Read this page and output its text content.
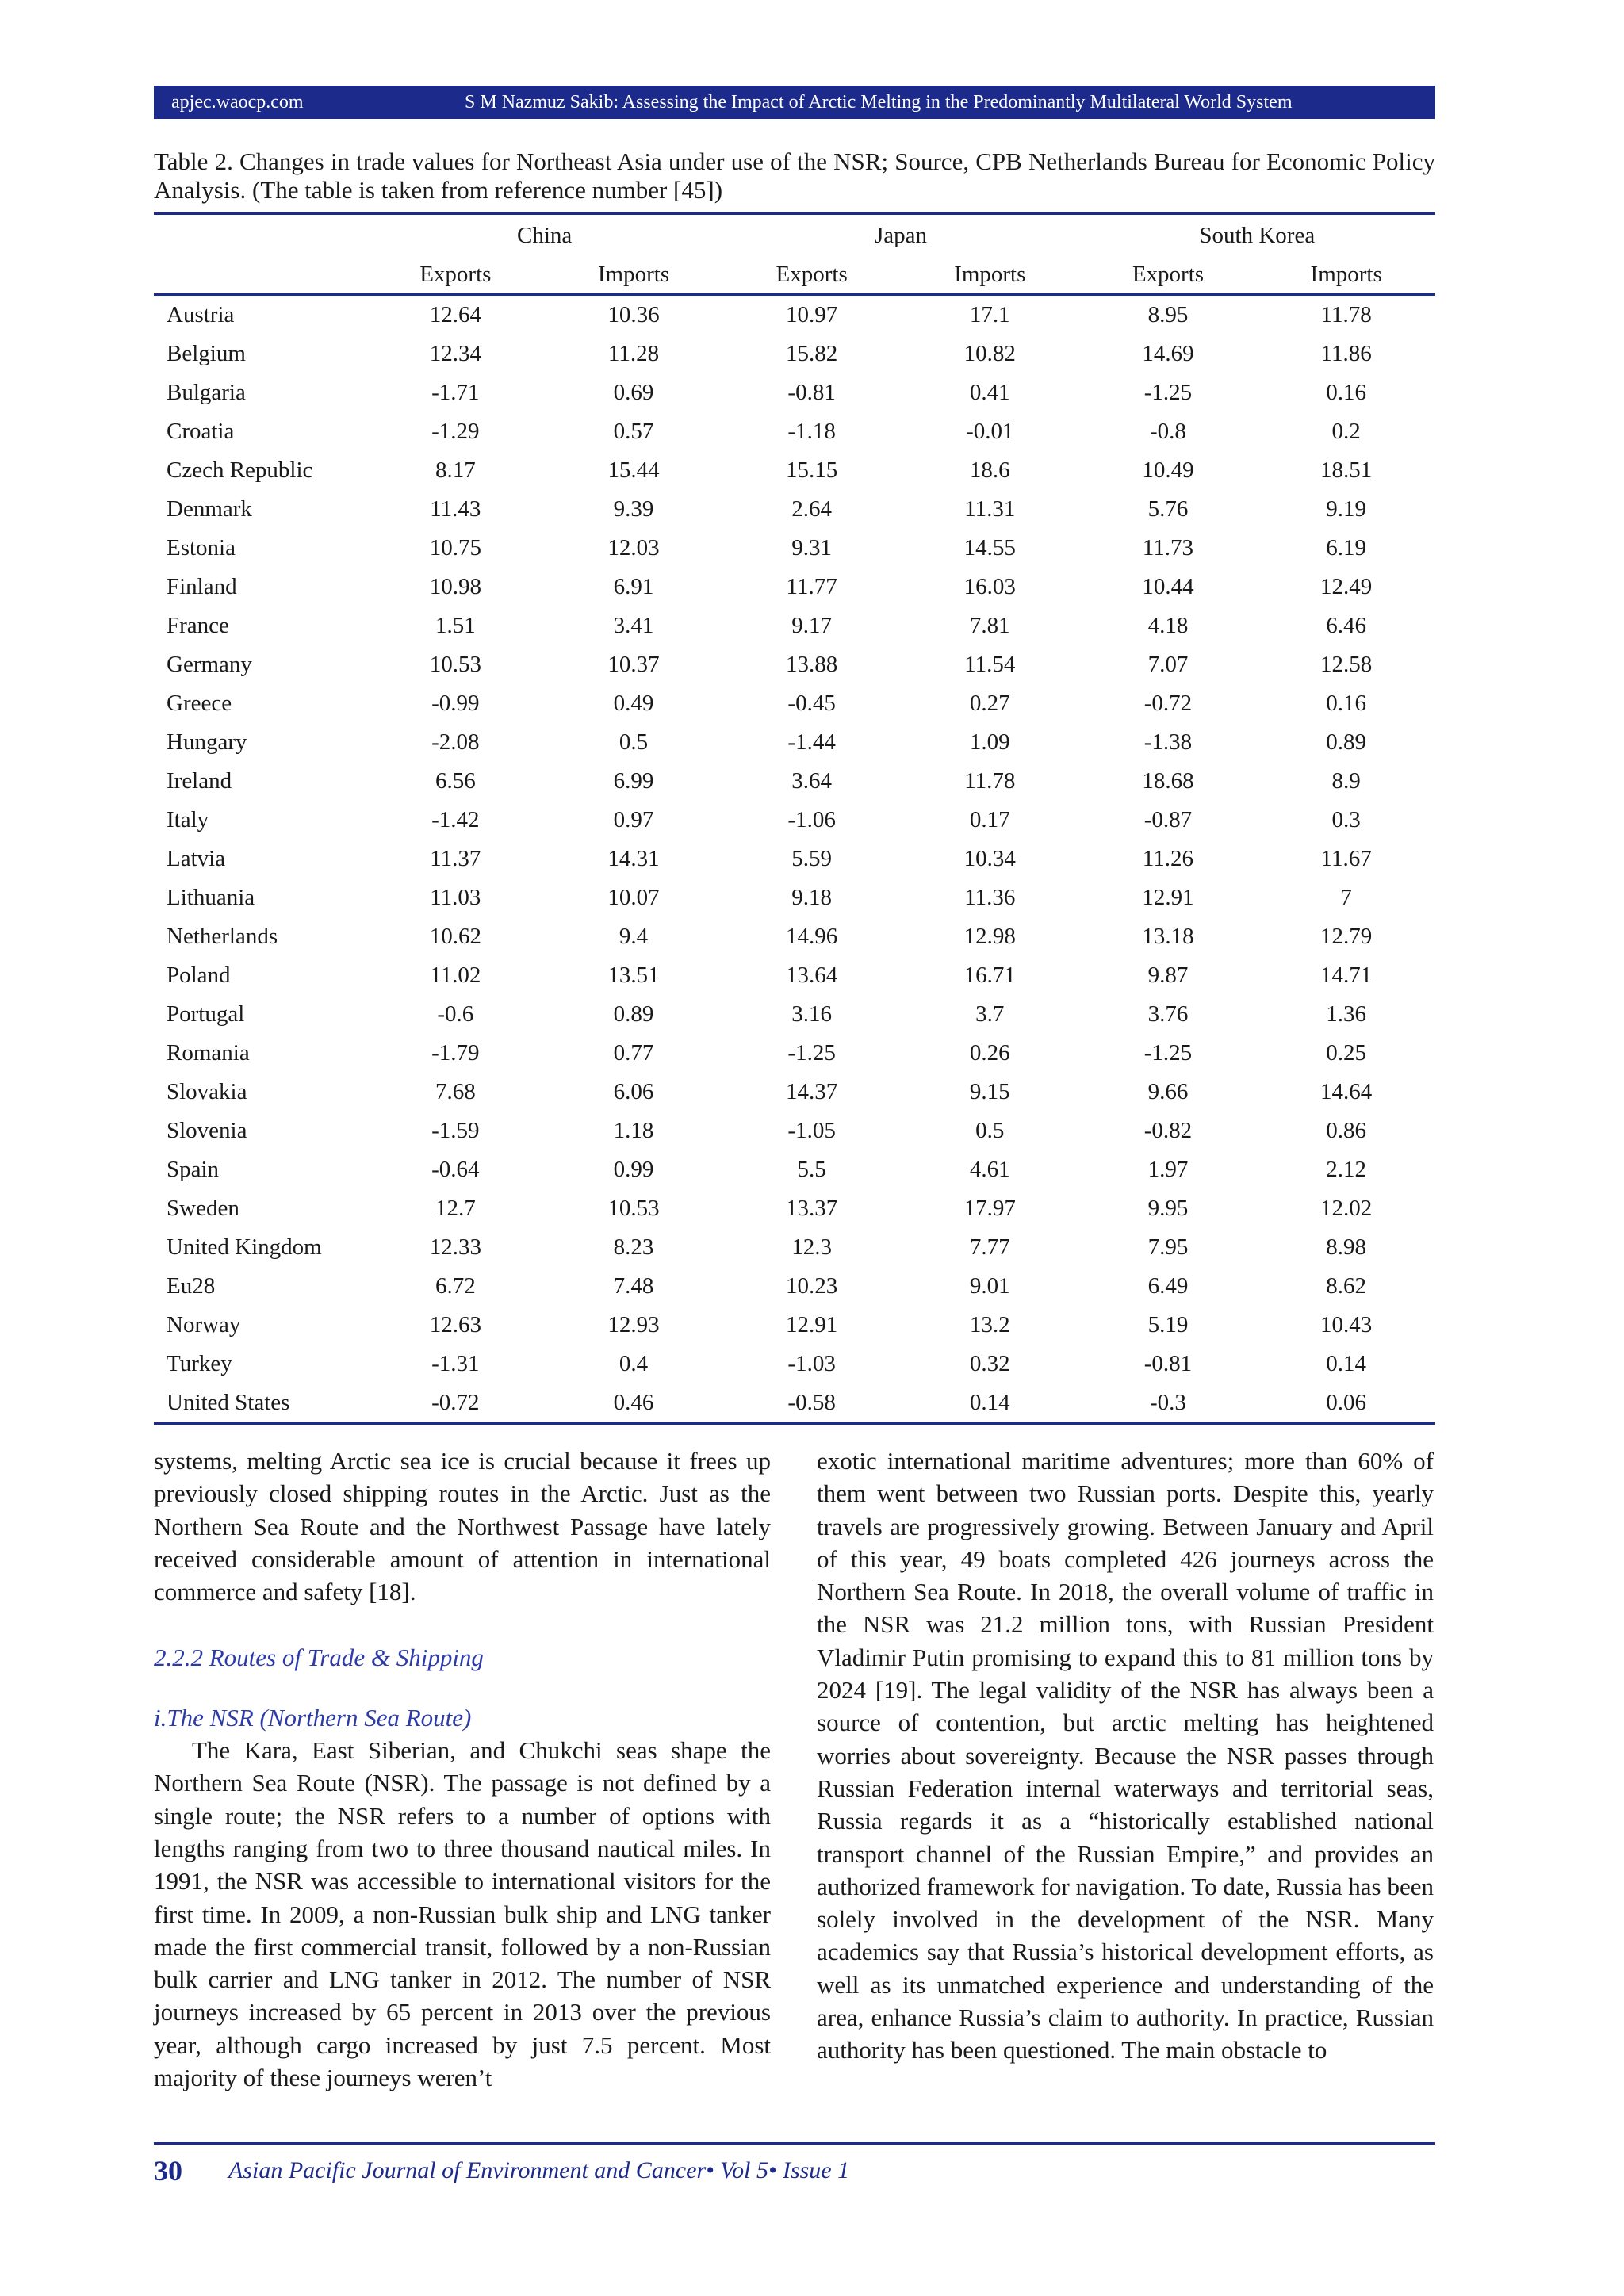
apjec.waocp.com	S M Nazmuz Sakib: Assessing the Impact of Arctic Melting in the Predominantly Multilateral World System
Table 2. Changes in trade values for Northeast Asia under use of the NSR; Source, CPB Netherlands Bureau for Economic Policy Analysis. (The table is taken from reference number [45])
	China		Japan		South Korea	
	Exports	Imports	Exports	Imports	Exports	Imports
Austria	12.64	10.36	10.97	17.1	8.95	11.78
Belgium	12.34	11.28	15.82	10.82	14.69	11.86
Bulgaria	-1.71	0.69	-0.81	0.41	-1.25	0.16
Croatia	-1.29	0.57	-1.18	-0.01	-0.8	0.2
Czech Republic	8.17	15.44	15.15	18.6	10.49	18.51
Denmark	11.43	9.39	2.64	11.31	5.76	9.19
Estonia	10.75	12.03	9.31	14.55	11.73	6.19
Finland	10.98	6.91	11.77	16.03	10.44	12.49
France	1.51	3.41	9.17	7.81	4.18	6.46
Germany	10.53	10.37	13.88	11.54	7.07	12.58
Greece	-0.99	0.49	-0.45	0.27	-0.72	0.16
Hungary	-2.08	0.5	-1.44	1.09	-1.38	0.89
Ireland	6.56	6.99	3.64	11.78	18.68	8.9
Italy	-1.42	0.97	-1.06	0.17	-0.87	0.3
Latvia	11.37	14.31	5.59	10.34	11.26	11.67
Lithuania	11.03	10.07	9.18	11.36	12.91	7
Netherlands	10.62	9.4	14.96	12.98	13.18	12.79
Poland	11.02	13.51	13.64	16.71	9.87	14.71
Portugal	-0.6	0.89	3.16	3.7	3.76	1.36
Romania	-1.79	0.77	-1.25	0.26	-1.25	0.25
Slovakia	7.68	6.06	14.37	9.15	9.66	14.64
Slovenia	-1.59	1.18	-1.05	0.5	-0.82	0.86
Spain	-0.64	0.99	5.5	4.61	1.97	2.12
Sweden	12.7	10.53	13.37	17.97	9.95	12.02
United Kingdom	12.33	8.23	12.3	7.77	7.95	8.98
Eu28	6.72	7.48	10.23	9.01	6.49	8.62
Norway	12.63	12.93	12.91	13.2	5.19	10.43
Turkey	-1.31	0.4	-1.03	0.32	-0.81	0.14
United States	-0.72	0.46	-0.58	0.14	-0.3	0.06

systems, melting Arctic sea ice is crucial because it frees up previously closed shipping routes in the Arctic. Just as the Northern Sea Route and the Northwest Passage have lately received considerable amount of attention in international commerce and safety [18].

2.2.2 Routes of Trade & Shipping

i.The NSR (Northern Sea Route)

The Kara, East Siberian, and Chukchi seas shape the Northern Sea Route (NSR). The passage is not defined by a single route; the NSR refers to a number of options with lengths ranging from two to three thousand nautical miles. In 1991, the NSR was accessible to international visitors for the first time. In 2009, a non-Russian bulk ship and LNG tanker made the first commercial transit, followed by a non-Russian bulk carrier and LNG tanker in 2012. The number of NSR journeys increased by 65 percent in 2013 over the previous year, although cargo increased by just 7.5 percent. Most majority of these journeys weren’t

exotic international maritime adventures; more than 60% of them went between two Russian ports. Despite this, yearly travels are progressively growing. Between January and April of this year, 49 boats completed 426 journeys across the Northern Sea Route. In 2018, the overall volume of traffic in the NSR was 21.2 million tons, with Russian President Vladimir Putin promising to expand this to 81 million tons by 2024 [19]. The legal validity of the NSR has always been a source of contention, but arctic melting has heightened worries about sovereignty. Because the NSR passes through Russian Federation internal waterways and territorial seas, Russia regards it as a “historically established national transport channel of the Russian Empire,” and provides an authorized framework for navigation. To date, Russia has been solely involved in the development of the NSR. Many academics say that Russia’s historical development efforts, as well as its unmatched experience and understanding of the area, enhance Russia’s claim to authority. In practice, Russian authority has been questioned. The main obstacle to

30	Asian Pacific Journal of Environment and Cancer• Vol 5• Issue 1
